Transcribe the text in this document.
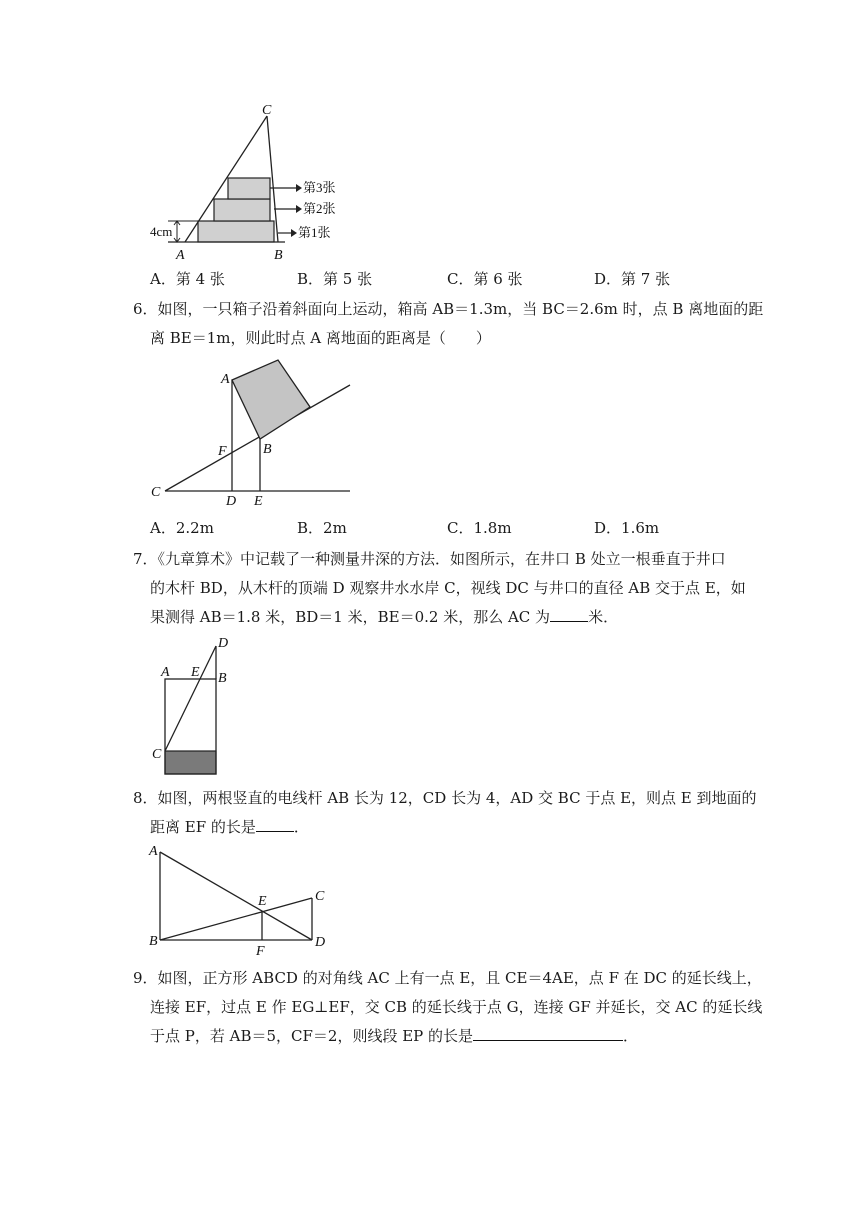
C
A	B
4cm
第3张
第2张
第1张
A．第 4 张	B．第 5 张	C．第 6 张	D．第 7 张
6．如图，一只箱子沿着斜面向上运动，箱高 AB＝1.3m，当 BC＝2.6m 时，点 B 离地面的距
离 BE＝1m，则此时点 A 离地面的距离是（　　）
A
B
C
D E
F
A．2.2m	B．2m	C．1.8m	D．1.6m
7．《九章算术》中记载了一种测量井深的方法．如图所示，在井口 B 处立一根垂直于井口
的木杆 BD，从木杆的顶端 D 观察井水水岸 C，视线 DC 与井口的直径 AB 交于点 E，如
果测得 AB＝1.8 米，BD＝1 米，BE＝0.2 米，那么 AC 为	米．
D
A E B
C
8．如图，两根竖直的电线杆 AB 长为 12，CD 长为 4，AD 交 BC 于点 E，则点 E 到地面的
距离 EF 的长是	．
A
B
C
D
E
F
9．如图，正方形 ABCD 的对角线 AC 上有一点 E，且 CE＝4AE，点 F 在 DC 的延长线上，
连接 EF，过点 E 作 EG⊥EF，交 CB 的延长线于点 G，连接 GF 并延长，交 AC 的延长线
于点 P，若 AB＝5，CF＝2，则线段 EP 的长是	．
